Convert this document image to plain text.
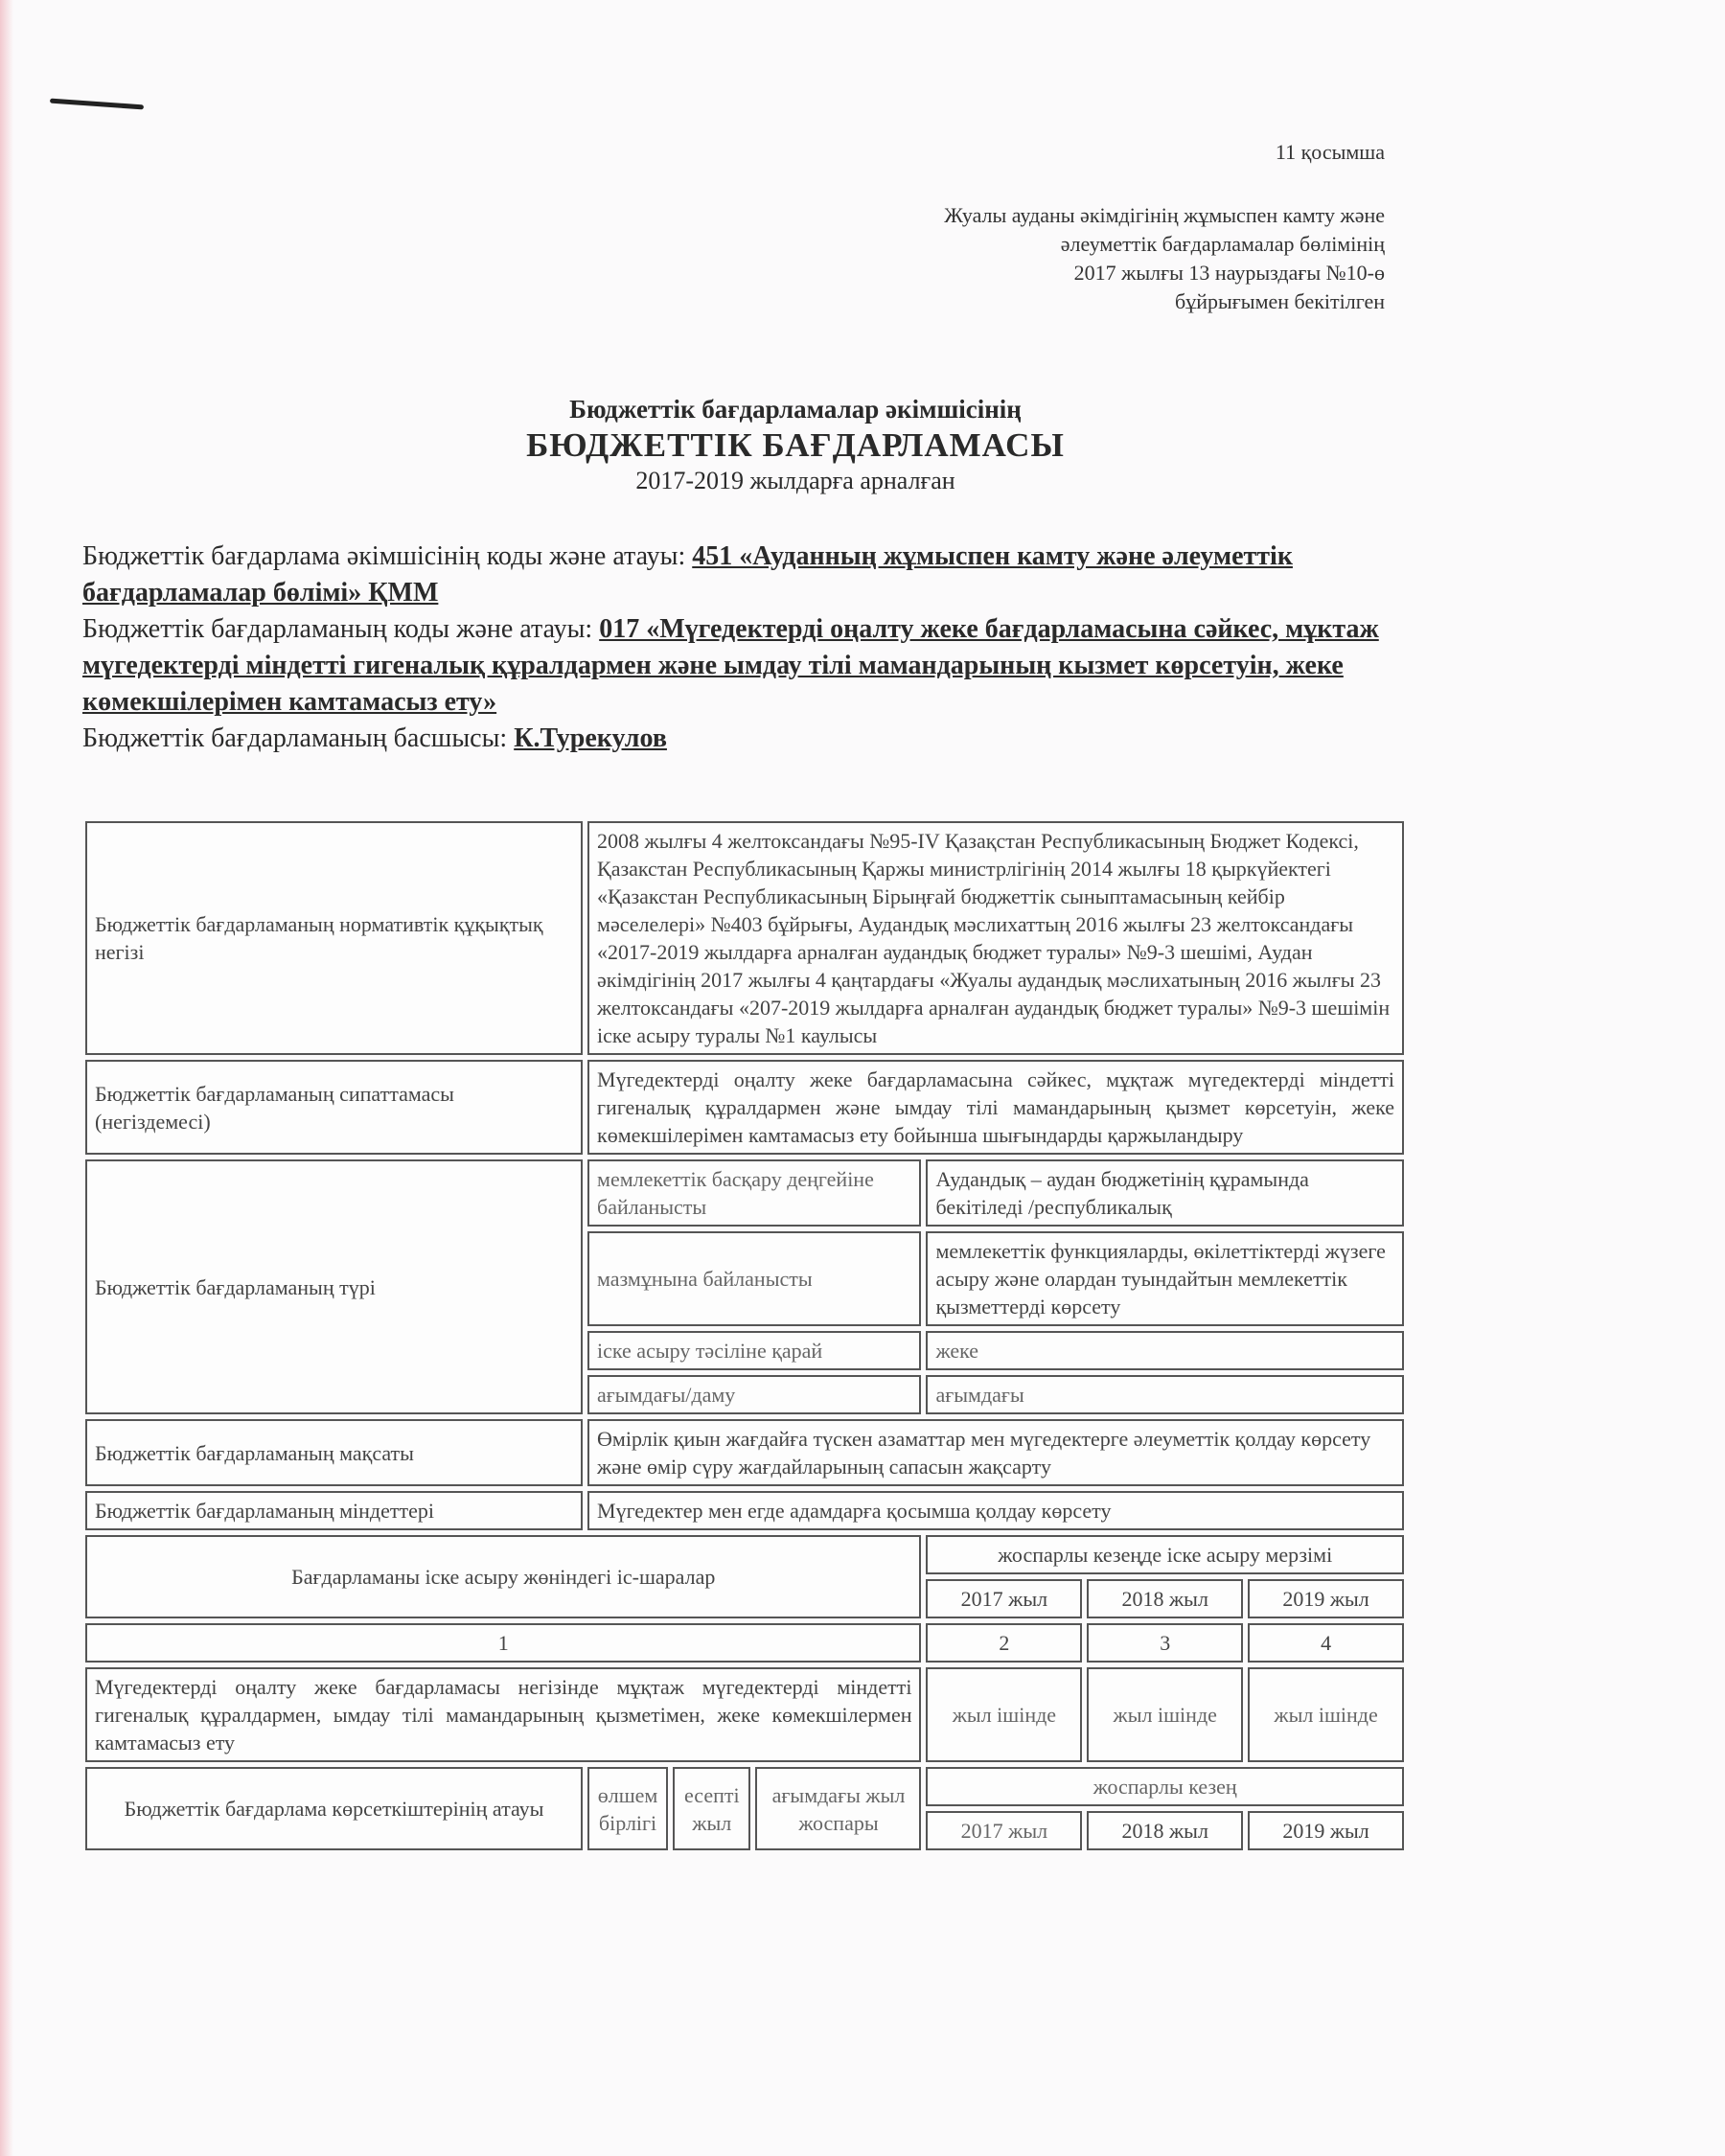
11 қосымша
Жуалы ауданы әкімдігінің жұмыспен камту және
әлеуметтік бағдарламалар бөлімінің
2017 жылғы 13 наурыздағы №10-ө
бұйрығымен бекітілген
Бюджеттік бағдарламалар әкімшісінің
БЮДЖЕТТІК БАҒДАРЛАМАСЫ
2017-2019 жылдарға арналған
Бюджеттік бағдарлама әкімшісінің коды және атауы: 451 «Ауданның жұмыспен камту және әлеуметтік бағдарламалар бөлімі» ҚММ
Бюджеттік бағдарламаның коды және атауы: 017 «Мүгедектерді оңалту жеке бағдарламасына сәйкес, мұктаж мүгедектерді міндетті гигеналық құралдармен және ымдау тілі мамандарының кызмет көрсетуін, жеке көмекшілерімен камтамасыз ету»
Бюджеттік бағдарламаның басшысы: К.Турекулов
Бюджеттік бағдарламаның нормативтік құқықтық негізі	2008 жылғы 4 желтоксандағы №95-IV Қазақстан Республикасының Бюджет Кодексі, Қазакстан Республикасының Қаржы министрлігінің 2014 жылғы 18 қыркүйектегі «Қазакстан Республикасының Бірыңғай бюджеттік сыныптамасының кейбір мәселелері» №403 бұйрығы, Аудандық мәслихаттың 2016 жылғы 23 желтоксандағы «2017-2019 жылдарға арналған аудандық бюджет туралы» №9-3 шешімі, Аудан әкімдігінің 2017 жылғы 4 қаңтардағы «Жуалы аудандық мәслихатының 2016 жылғы 23 желтоксандағы «207-2019 жылдарға арналған аудандық бюджет туралы» №9-3 шешімін іске асыру туралы №1 каулысы					
Бюджеттік бағдарламаның сипаттамасы (негіздемесі)	Мүгедектерді оңалту жеке бағдарламасына сәйкес, мұқтаж мүгедектерді міндетті гигеналық құралдармен және ымдау тілі мамандарының қызмет көрсетуін, жеке көмекшілерімен камтамасыз ету бойынша шығындарды қаржыландыру					
Бюджеттік бағдарламаның түрі	мемлекеттік басқару деңгейіне байланысты			Аудандық – аудан бюджетінің құрамында бекітіледі /республикалық		
	мазмұнына байланысты			мемлекеттік функцияларды, өкілеттіктерді жүзеге асыру және олардан туындайтын мемлекеттік қызметтерді көрсету		
	іске асыру тәсіліне қарай			жеке		
	ағымдағы/даму			ағымдағы		
Бюджеттік бағдарламаның мақсаты	Өмірлік қиын жағдайға түскен азаматтар мен мүгедектерге әлеуметтік қолдау көрсету және өмір сүру жағдайларының сапасын жақсарту					
Бюджеттік бағдарламаның міндеттері	Мүгедектер мен егде адамдарға қосымша қолдау көрсету					
Бағдарламаны іске асыру жөніндегі іс-шаралар				жоспарлы кезеңде іске асыру мерзімі		
				2017 жыл	2018 жыл	2019 жыл
1				2	3	4
Мүгедектерді оңалту жеке бағдарламасы негізінде мұқтаж мүгедектерді міндетті гигеналық құралдармен, ымдау тілі мамандарының қызметімен, жеке көмекшілермен камтамасыз ету				жыл ішінде	жыл ішінде	жыл ішінде
Бюджеттік бағдарлама көрсеткіштерінің атауы	өлшем бірлігі	есепті жыл	ағымдағы жыл жоспары	жоспарлы кезең		
				2017 жыл	2018 жыл	2019 жыл
